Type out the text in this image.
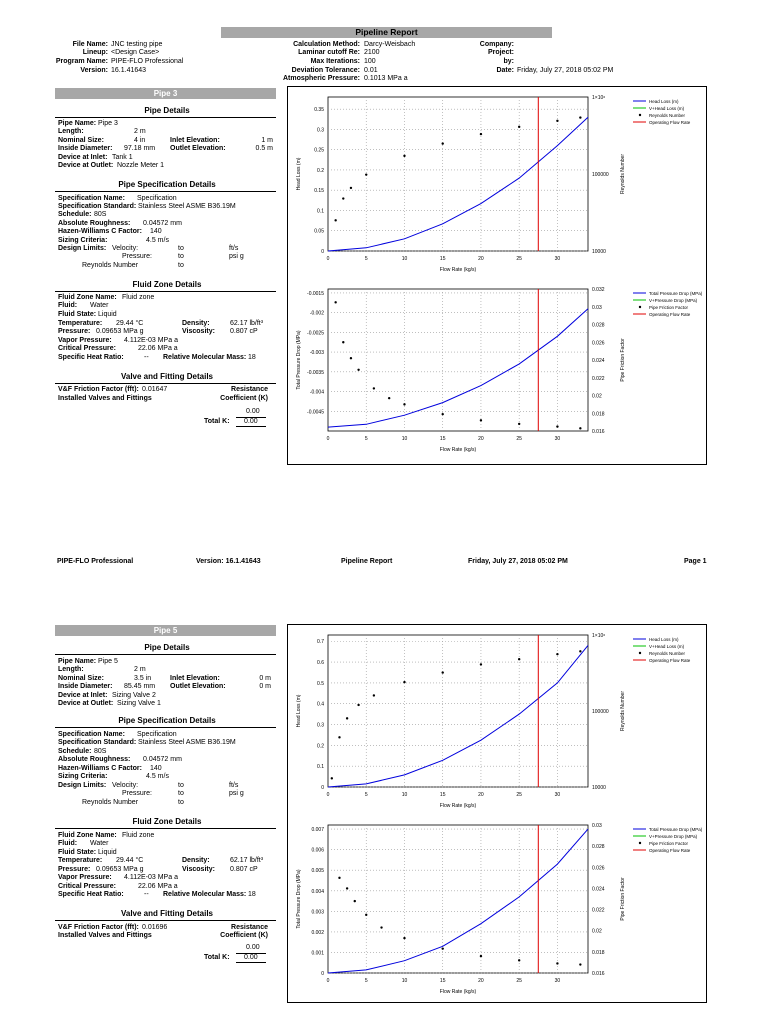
Pipeline Report
File Name: JNC testing pipe
Lineup: <Design Case>
Program Name: PIPE-FLO Professional
Version: 16.1.41643
Calculation Method: Darcy-Weisbach
Laminar cutoff Re: 2100
Max Iterations: 100
Deviation Tolerance: 0.01
Atmospheric Pressure: 0.1013 MPa a
Company:
Project:
by:
Date: Friday, July 27, 2018 05:02 PM
Pipe 3
Pipe Details
Pipe Name: Pipe 3
Length:	2 m
Nominal Size:	4 in	Inlet Elevation:	1 m
Inside Diameter: 97.18 mm Outlet Elevation:	0.5 m
Device at Inlet: Tank 1
Device at Outlet: Nozzle Meter 1
Pipe Specification Details
Specification Name: Specification
Specification Standard: Stainless Steel ASME B36.19M
Schedule: 80S
Absolute Roughness: 0.04572 mm
Hazen-Williams C Factor: 140
Sizing Criteria:	4.5 m/s
Design Limits: Velocity:	to	ft/s
Pressure:	to	psi g
Reynolds Number	to
Fluid Zone Details
Fluid Zone Name: Fluid zone
Fluid: Water
Fluid State: Liquid
Temperature: 29.44 °C	Density:	62.17 lb/ft³
Pressure: 0.09653 MPa g	Viscosity: 0.807 cP
Vapor Pressure: 4.112E-03 MPa a
Critical Pressure:	22.06 MPa a
Specific Heat Ratio:	-- Relative Molecular Mass: 18
Valve and Fitting Details
V&F Friction Factor (fft): 0.01647	Resistance
Installed Valves and Fittings	Coefficient (K)
0.00
Total K: 0.00
0	5	10	15	20	25	30
0
0.05
0.1
0.15
0.2
0.25
0.3
0.35
10000
100000
1×10⁶
Flow Rate (kg/s)
Head Loss (m)	Reynolds Number
Head Loss (m)
V+Head Loss (m)
Reynolds Number
Operating Flow Rate
0	5	10	15	20	25	30
-0.0015
-0.002
-0.0025
-0.003
-0.0035
-0.004
-0.0045
0.016
0.018
0.02
0.022
0.024
0.026
0.028
0.03
0.032
Flow Rate (kg/s)
Total Pressure Drop (MPa)	Pipe Friction Factor
Total Pressure Drop (MPa)
V+Pressure Drop (MPa)
Pipe Friction Factor
Operating Flow Rate
PIPE-FLO Professional	Version: 16.1.41643	Pipeline Report	Friday, July 27, 2018 05:02 PM	Page 1
Pipe 5
Pipe Details
Pipe Name: Pipe 5
Length:	2 m
Nominal Size:	3.5 in	Inlet Elevation:	0 m
Inside Diameter: 85.45 mm Outlet Elevation:	0 m
Device at Inlet: Sizing Valve 2
Device at Outlet: Sizing Valve 1
Pipe Specification Details
Specification Name: Specification
Specification Standard: Stainless Steel ASME B36.19M
Schedule: 80S
Absolute Roughness: 0.04572 mm
Hazen-Williams C Factor: 140
Sizing Criteria:	4.5 m/s
Design Limits: Velocity:	to	ft/s
Pressure:	to	psi g
Reynolds Number	to
Fluid Zone Details
Fluid Zone Name: Fluid zone
Fluid: Water
Fluid State: Liquid
Temperature: 29.44 °C	Density:	62.17 lb/ft³
Pressure: 0.09653 MPa g	Viscosity: 0.807 cP
Vapor Pressure: 4.112E-03 MPa a
Critical Pressure:	22.06 MPa a
Specific Heat Ratio:	-- Relative Molecular Mass: 18
Valve and Fitting Details
V&F Friction Factor (fft): 0.01696	Resistance
Installed Valves and Fittings	Coefficient (K)
0.00
Total K: 0.00
0	5	10	15	20	25	30
0
0.1
0.2
0.3
0.4
0.5
0.6
0.7
10000
100000
1×10⁶
Flow Rate (kg/s)
Head Loss (m)	Reynolds Number
Head Loss (m)
V+Head Loss (m)
Reynolds Number
Operating Flow Rate
0	5	10	15	20	25	30
0
0.001
0.002
0.003
0.004
0.005
0.006
0.007
0.016
0.018
0.02
0.022
0.024
0.026
0.028
0.03
Flow Rate (kg/s)
Total Pressure Drop (MPa)	Pipe Friction Factor
Total Pressure Drop (MPa)
V+Pressure Drop (MPa)
Pipe Friction Factor
Operating Flow Rate
